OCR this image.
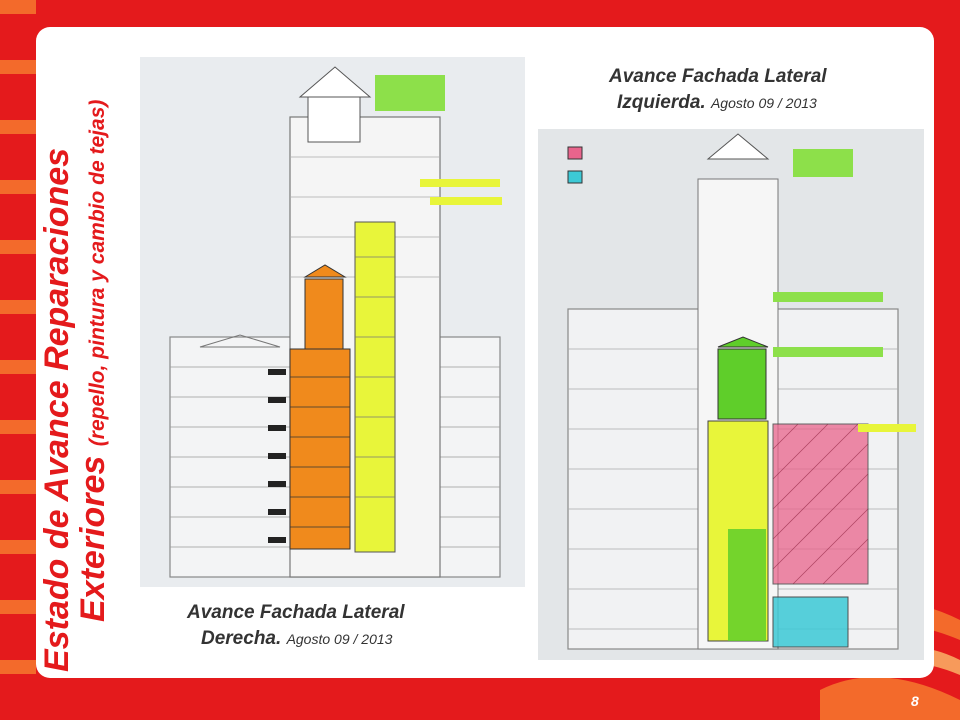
Estado de Avance Reparaciones
Exteriores (repello, pintura y cambio de tejas)
Avance Fachada Lateral
Derecha. Agosto 09 / 2013
Avance Fachada Lateral
Izquierda. Agosto 09 / 2013
8
